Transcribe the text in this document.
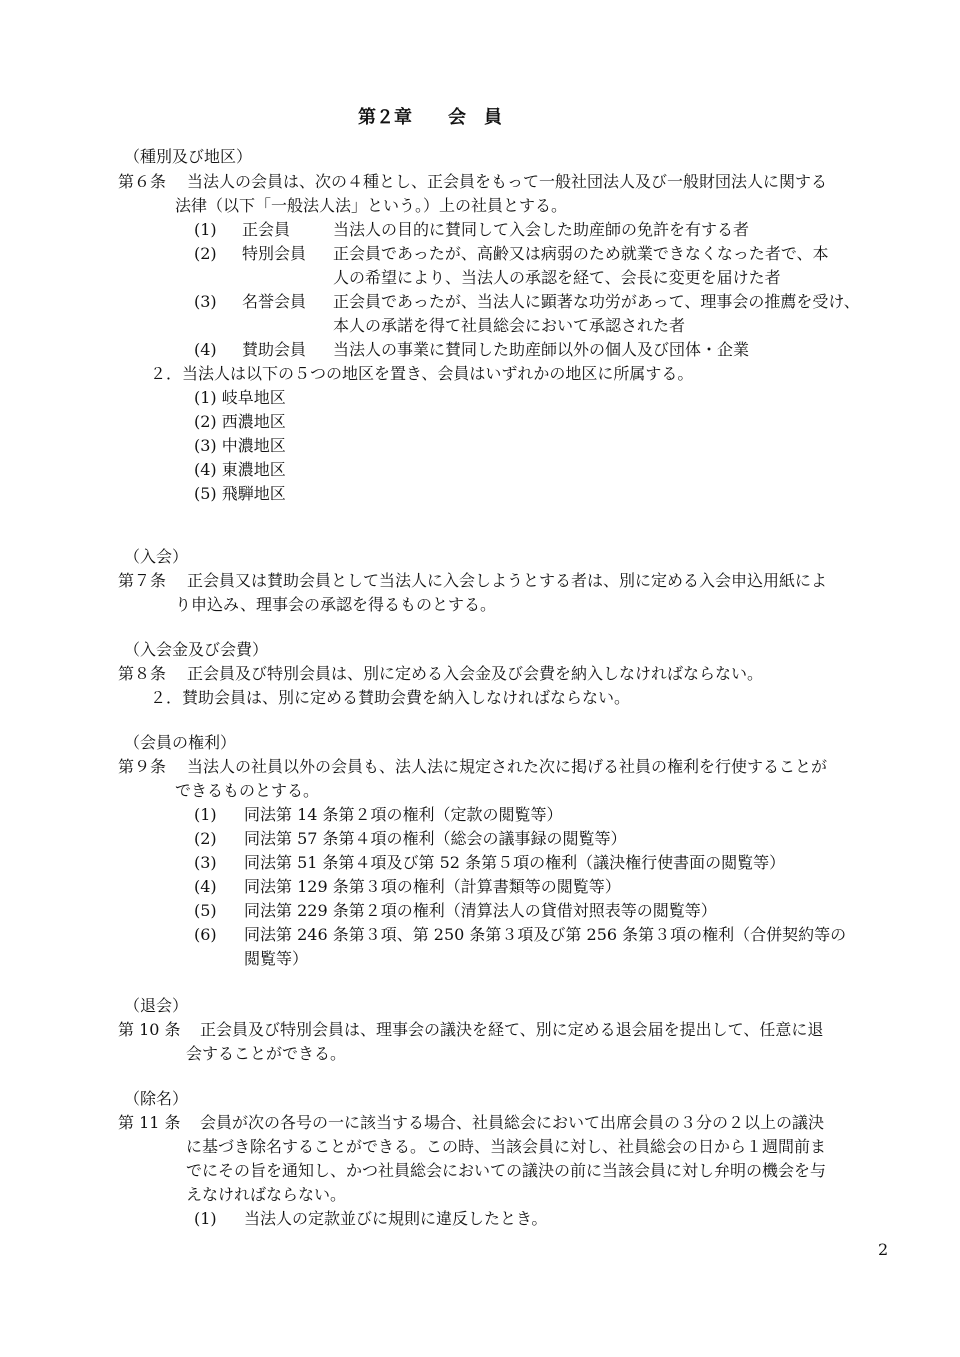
第２章　　会　員
（種別及び地区）
第６条 当法人の会員は、次の４種とし、正会員をもって一般社団法人及び一般財団法人に関する
法律（以下「一般法人法」という。）上の社員とする。
(1) 正会員	当法人の目的に賛同して入会した助産師の免許を有する者
(2) 特別会員 正会員であったが、高齢又は病弱のため就業できなくなった者で、本
人の希望により、当法人の承認を経て、会長に変更を届けた者
(3) 名誉会員 正会員であったが、当法人に顕著な功労があって、理事会の推薦を受け、
本人の承諾を得て社員総会において承認された者
(4) 賛助会員 当法人の事業に賛同した助産師以外の個人及び団体・企業
２．当法人は以下の５つの地区を置き、会員はいずれかの地区に所属する。
(1) 岐阜地区
(2) 西濃地区
(3) 中濃地区
(4) 東濃地区
(5) 飛騨地区
（入会）
第７条 正会員又は賛助会員として当法人に入会しようとする者は、別に定める入会申込用紙によ
り申込み、理事会の承認を得るものとする。
（入会金及び会費）
第８条 正会員及び特別会員は、別に定める入会金及び会費を納入しなければならない。
２．賛助会員は、別に定める賛助会費を納入しなければならない。
（会員の権利）
第９条 当法人の社員以外の会員も、法人法に規定された次に掲げる社員の権利を行使することが
できるものとする。
(1) 同法第 14 条第２項の権利（定款の閲覧等）
(2) 同法第 57 条第４項の権利（総会の議事録の閲覧等）
(3) 同法第 51 条第４項及び第 52 条第５項の権利（議決権行使書面の閲覧等）
(4) 同法第 129 条第３項の権利（計算書類等の閲覧等）
(5) 同法第 229 条第２項の権利（清算法人の貸借対照表等の閲覧等）
(6) 同法第 246 条第３項、第 250 条第３項及び第 256 条第３項の権利（合併契約等の
閲覧等）
（退会）
第 10 条 正会員及び特別会員は、理事会の議決を経て、別に定める退会届を提出して、任意に退
会することができる。
（除名）
第 11 条 会員が次の各号の一に該当する場合、社員総会において出席会員の３分の２以上の議決
に基づき除名することができる。この時、当該会員に対し、社員総会の日から１週間前ま
でにその旨を通知し、かつ社員総会においての議決の前に当該会員に対し弁明の機会を与
えなければならない。
(1) 当法人の定款並びに規則に違反したとき。
2
